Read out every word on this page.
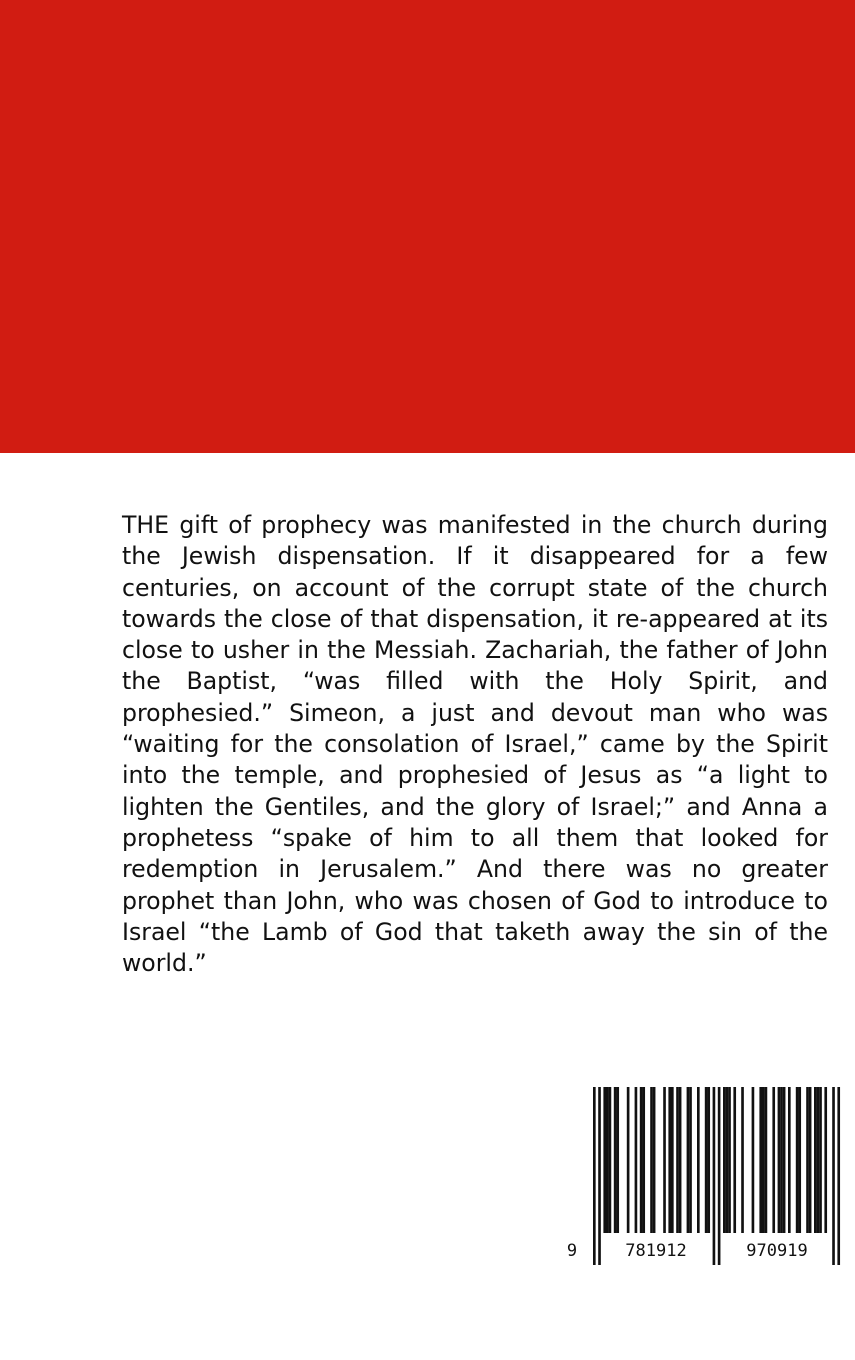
THE gift of prophecy was manifested in the church during the Jewish dispensation. If it disappeared for a few centuries, on account of the corrupt state of the church towards the close of that dispensation, it re-appeared at its close to usher in the Messiah. Zachariah, the father of John the Baptist, “was filled with the Holy Spirit, and prophesied.” Simeon, a just and devout man who was “waiting for the consolation of Israel,” came by the Spirit into the temple, and prophesied of Jesus as “a light to lighten the Gentiles, and the glory of Israel;” and Anna a prophetess “spake of him to all them that looked for redemption in Jerusalem.” And there was no greater prophet than John, who was chosen of God to introduce to Israel “the Lamb of God that taketh away the sin of the world.”

9	781912	970919
